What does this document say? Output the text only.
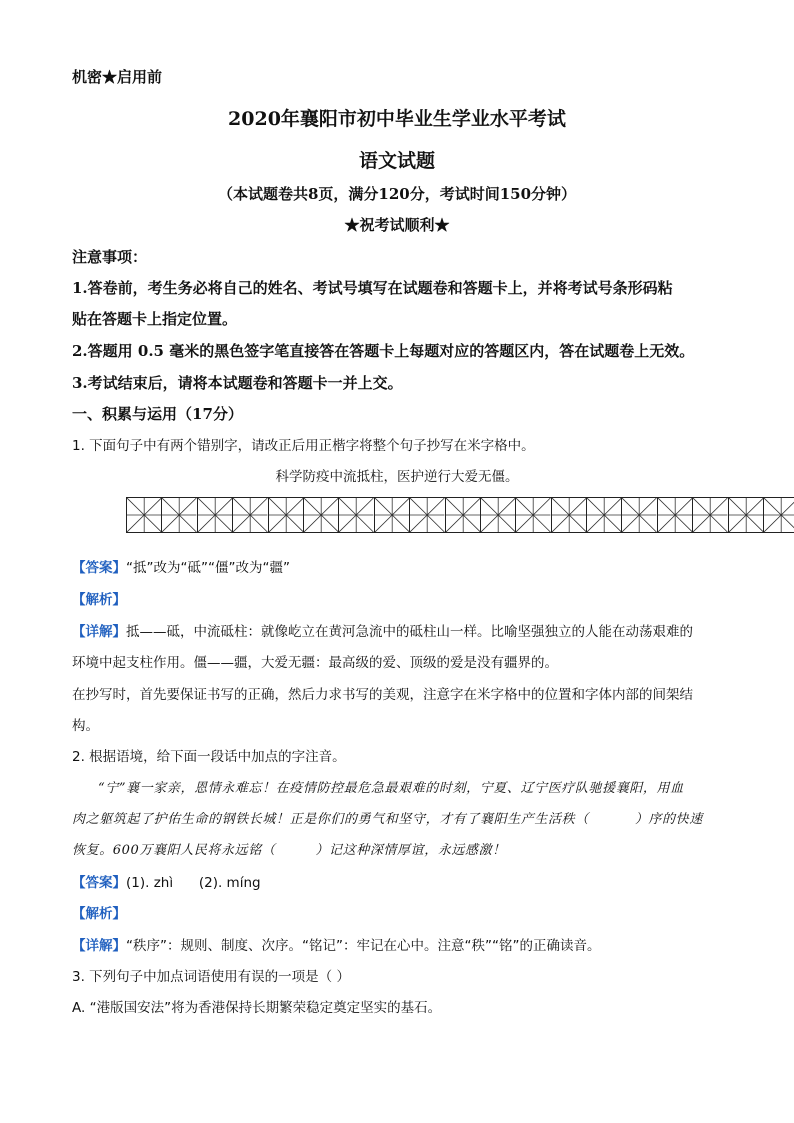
机密★启用前
2020年襄阳市初中毕业生学业水平考试
语文试题
（本试题卷共8页，满分120分，考试时间150分钟）
★祝考试顺利★
注意事项：
1.答卷前，考生务必将自己的姓名、考试号填写在试题卷和答题卡上，并将考试号条形码粘
贴在答题卡上指定位置。
2.答题用 0.5 毫米的黑色签字笔直接答在答题卡上每题对应的答题区内，答在试题卷上无效。
3.考试结束后，请将本试题卷和答题卡一并上交。
一、积累与运用（17分）
1. 下面句子中有两个错别字，请改正后用正楷字将整个句子抄写在米字格中。
科学防疫中流抵柱，医护逆行大爱无僵。
【答案】“抵”改为“砥”“僵”改为“疆”
【解析】
【详解】抵——砥，中流砥柱：就像屹立在黄河急流中的砥柱山一样。比喻坚强独立的人能在动荡艰难的
环境中起支柱作用。僵——疆，大爱无疆：最高级的爱、顶级的爱是没有疆界的。
在抄写时，首先要保证书写的正确，然后力求书写的美观，注意字在米字格中的位置和字体内部的间架结
构。
2. 根据语境，给下面一段话中加点的字注音。
“宁”襄一家亲，恩情永难忘！在疫情防控最危急最艰难的时刻，宁夏、辽宁医疗队驰援襄阳，用血
肉之躯筑起了护佑生命的钢铁长城！正是你们的勇气和坚守，才有了襄阳生产生活秩（	）序的快速
恢复。600万襄阳人民将永远铭（	）记这种深情厚谊，永远感激！
【答案】(1). zhì      (2). míng
【解析】
【详解】“秩序”：规则、制度、次序。“铭记”：牢记在心中。注意“秩”“铭”的正确读音。
3. 下列句子中加点词语使用有误的一项是（ ）
A. “港版国安法”将为香港保持长期繁荣稳定奠定坚实的基石。
